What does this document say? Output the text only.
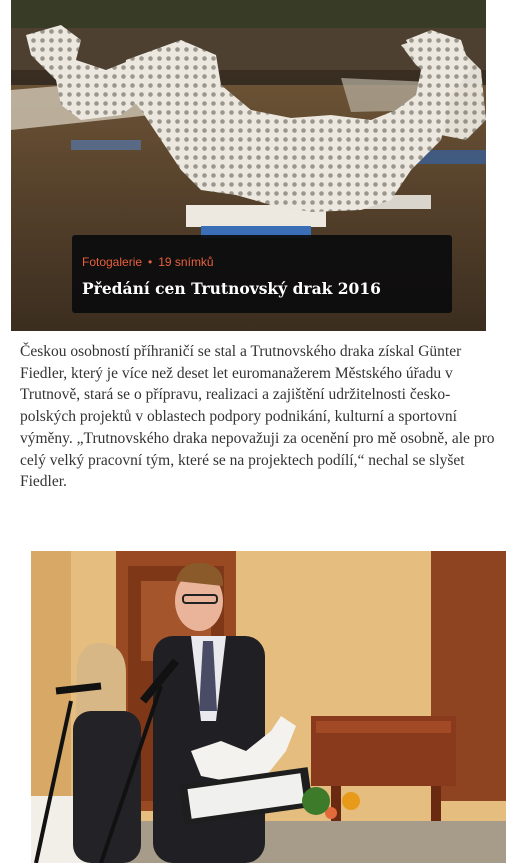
Fotogalerie • 19 snímků
Předání cen Trutnovský drak 2016

Českou osobností příhraničí se stal a Trutnovského draka získal Günter Fiedler, který je více než deset let euromanažerem Městského úřadu v Trutnově, stará se o přípravu, realizaci a zajištění udržitelnosti česko-polských projektů v oblastech podpory podnikání, kulturní a sportovní výměny. „Trutnovského draka nepovažuji za ocenění pro mě osobně, ale pro celý velký pracovní tým, které se na projektech podílí,“ nechal se slyšet Fiedler.
